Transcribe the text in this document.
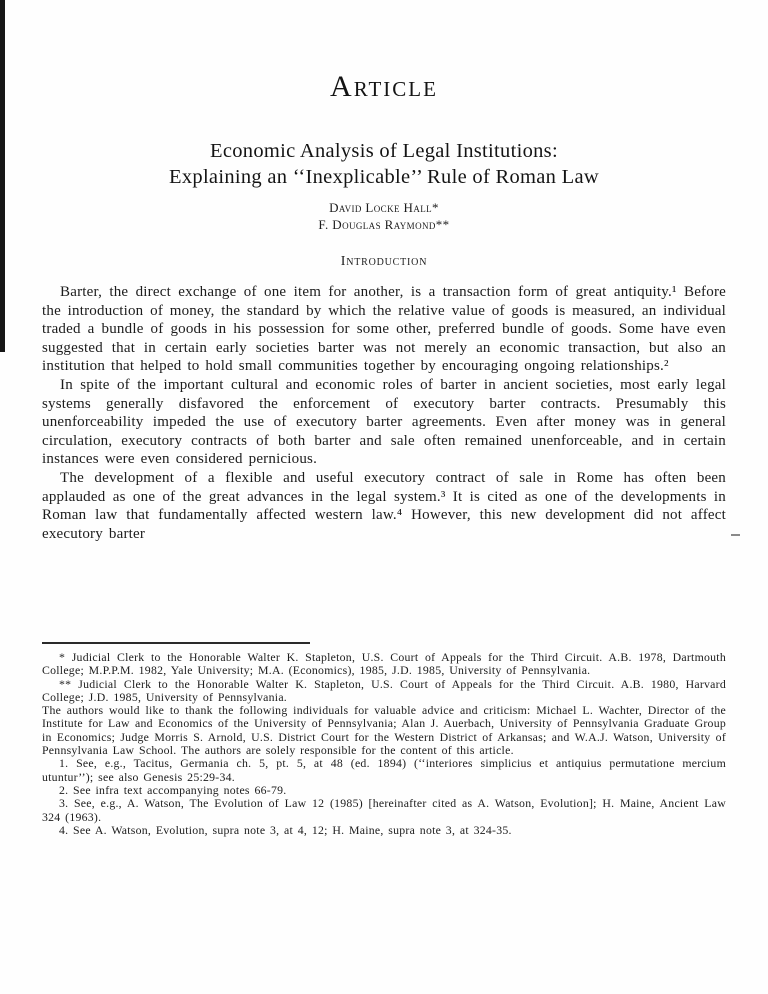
Article
Economic Analysis of Legal Institutions:
Explaining an ‘‘Inexplicable’’ Rule of Roman Law
David Locke Hall*
F. Douglas Raymond**
Introduction

Barter, the direct exchange of one item for another, is a transaction form of great antiquity.¹ Before the introduction of money, the standard by which the relative value of goods is measured, an individual traded a bundle of goods in his possession for some other, preferred bundle of goods. Some have even suggested that in certain early societies barter was not merely an economic transaction, but also an institution that helped to hold small communities together by encouraging ongoing relationships.²

In spite of the important cultural and economic roles of barter in ancient societies, most early legal systems generally disfavored the enforcement of executory barter contracts. Presumably this unenforceability impeded the use of executory barter agreements. Even after money was in general circulation, executory contracts of both barter and sale often remained unenforceable, and in certain instances were even considered pernicious.

The development of a flexible and useful executory contract of sale in Rome has often been applauded as one of the great advances in the legal system.³ It is cited as one of the developments in Roman law that fundamentally affected western law.⁴ However, this new development did not affect executory barter

* Judicial Clerk to the Honorable Walter K. Stapleton, U.S. Court of Appeals for the Third Circuit. A.B. 1978, Dartmouth College; M.P.P.M. 1982, Yale University; M.A. (Economics), 1985, J.D. 1985, University of Pennsylvania.

** Judicial Clerk to the Honorable Walter K. Stapleton, U.S. Court of Appeals for the Third Circuit. A.B. 1980, Harvard College; J.D. 1985, University of Pennsylvania.

The authors would like to thank the following individuals for valuable advice and criticism: Michael L. Wachter, Director of the Institute for Law and Economics of the University of Pennsylvania; Alan J. Auerbach, University of Pennsylvania Graduate Group in Economics; Judge Morris S. Arnold, U.S. District Court for the Western District of Arkansas; and W.A.J. Watson, University of Pennsylvania Law School. The authors are solely responsible for the content of this article.

1. See, e.g., Tacitus, Germania ch. 5, pt. 5, at 48 (ed. 1894) (‘‘interiores simplicius et antiquius permutatione mercium utuntur’’); see also Genesis 25:29-34.

2. See infra text accompanying notes 66-79.

3. See, e.g., A. Watson, The Evolution of Law 12 (1985) [hereinafter cited as A. Watson, Evolution]; H. Maine, Ancient Law 324 (1963).

4. See A. Watson, Evolution, supra note 3, at 4, 12; H. Maine, supra note 3, at 324-35.
